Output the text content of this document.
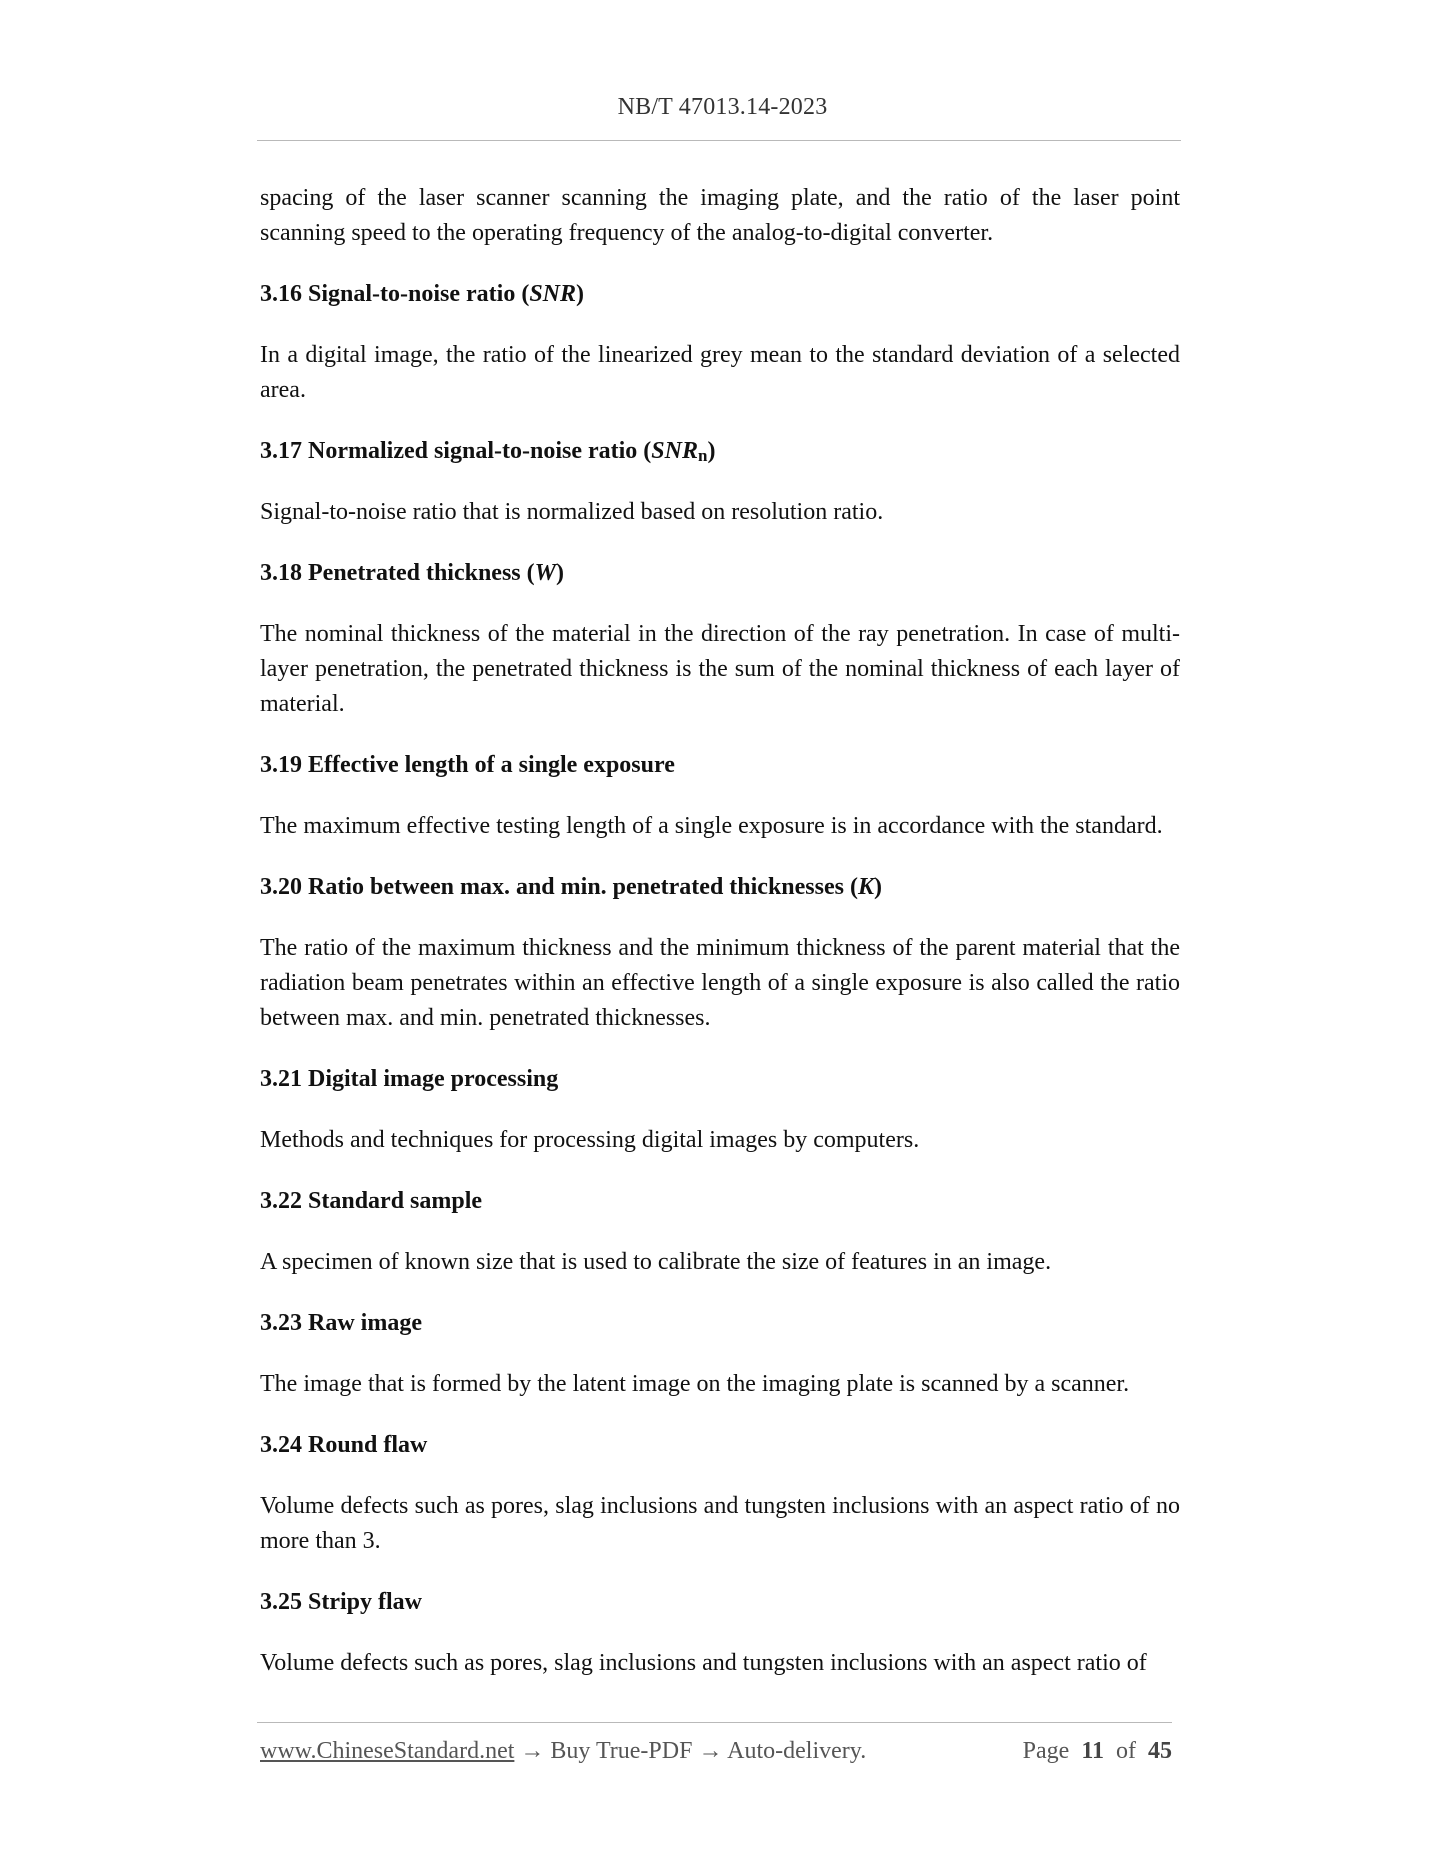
NB/T 47013.14-2023

spacing of the laser scanner scanning the imaging plate, and the ratio of the laser point scanning speed to the operating frequency of the analog-to-digital converter.

3.16 Signal-to-noise ratio (SNR)

In a digital image, the ratio of the linearized grey mean to the standard deviation of a selected area.

3.17 Normalized signal-to-noise ratio $(SNR_n)$

Signal-to-noise ratio that is normalized based on resolution ratio.

3.18 Penetrated thickness (W)

The nominal thickness of the material in the direction of the ray penetration. In case of multi-layer penetration, the penetrated thickness is the sum of the nominal thickness of each layer of material.

3.19 Effective length of a single exposure

The maximum effective testing length of a single exposure is in accordance with the standard.

3.20 Ratio between max. and min. penetrated thicknesses (K)

The ratio of the maximum thickness and the minimum thickness of the parent material that the radiation beam penetrates within an effective length of a single exposure is also called the ratio between max. and min. penetrated thicknesses.

3.21 Digital image processing

Methods and techniques for processing digital images by computers.

3.22 Standard sample

A specimen of known size that is used to calibrate the size of features in an image.

3.23 Raw image

The image that is formed by the latent image on the imaging plate is scanned by a scanner.

3.24 Round flaw

Volume defects such as pores, slag inclusions and tungsten inclusions with an aspect ratio of no more than 3.

3.25 Stripy flaw

Volume defects such as pores, slag inclusions and tungsten inclusions with an aspect ratio of

www.ChineseStandard.net → Buy True-PDF → Auto-delivery.	Page 11 of 45
